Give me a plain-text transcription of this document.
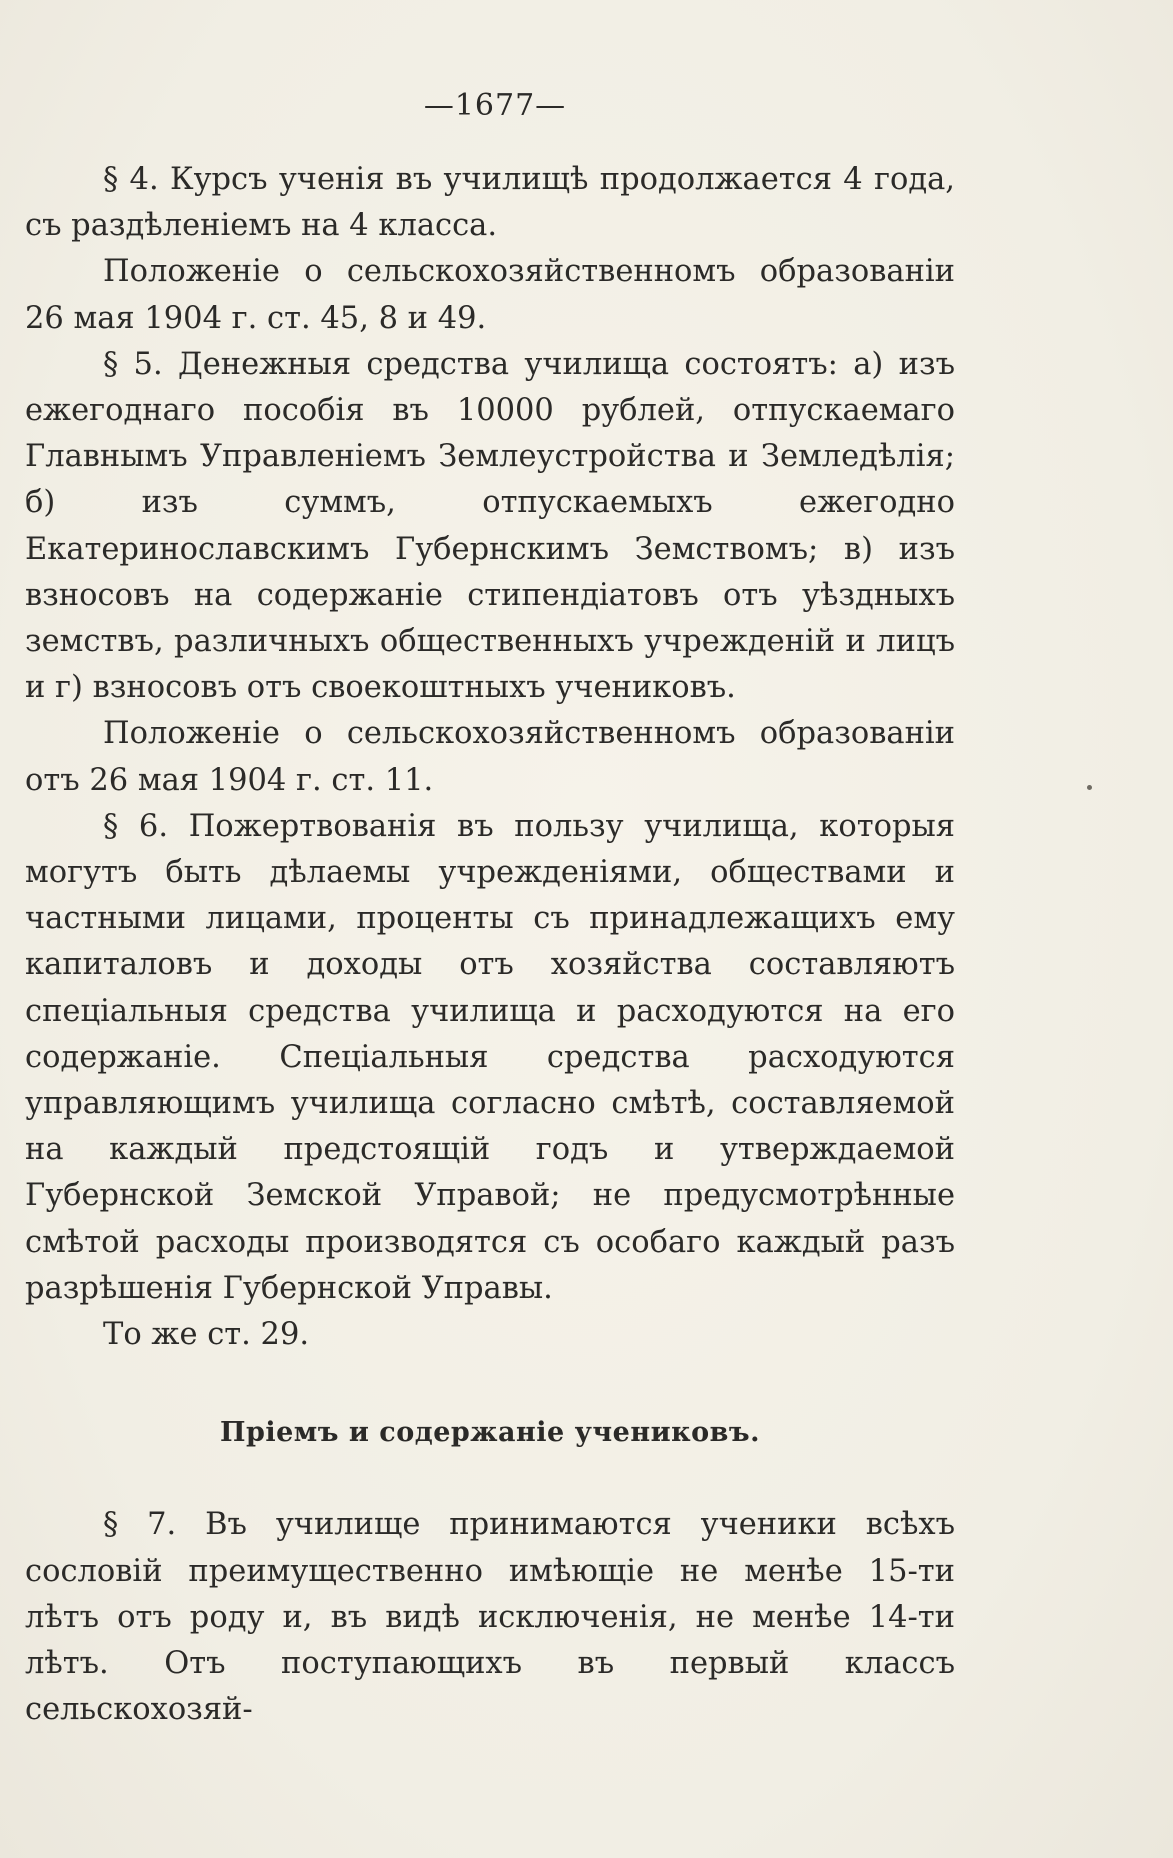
—1677—

§ 4. Курсъ ученія въ училищѣ продолжается 4 года, съ раздѣленіемъ на 4 класса.

Положеніе о сельскохозяйственномъ образованіи 26 мая 1904 г. ст. 45, 8 и 49.

§ 5. Денежныя средства училища состоятъ: а) изъ ежегоднаго пособія въ 10000 рублей, отпускаемаго Главнымъ Управленіемъ Землеустройства и Земледѣлія; б) изъ суммъ, отпускаемыхъ ежегодно Екатеринославскимъ Губернскимъ Земствомъ; в) изъ взносовъ на содержаніе стипендіатовъ отъ уѣздныхъ земствъ, различныхъ общественныхъ учрежденій и лицъ и г) взносовъ отъ своекоштныхъ учениковъ.

Положеніе о сельскохозяйственномъ образованіи отъ 26 мая 1904 г. ст. 11.

§ 6. Пожертвованія въ пользу училища, которыя могутъ быть дѣлаемы учрежденіями, обществами и частными лицами, проценты съ принадлежащихъ ему капиталовъ и доходы отъ хозяйства составляютъ спеціальныя средства училища и расходуются на его содержаніе. Спеціальныя средства расходуются управляющимъ училища согласно смѣтѣ, составляемой на каждый предстоящій годъ и утверждаемой Губернской Земской Управой; не предусмотрѣнные смѣтой расходы производятся съ особаго каждый разъ разрѣшенія Губернской Управы.

То же ст. 29.

Пріемъ и содержаніе учениковъ.

§ 7. Въ училище принимаются ученики всѣхъ сословій преимущественно имѣющіе не менѣе 15-ти лѣтъ отъ роду и, въ видѣ исключенія, не менѣе 14-ти лѣтъ. Отъ поступающихъ въ первый классъ сельскохозяй-
